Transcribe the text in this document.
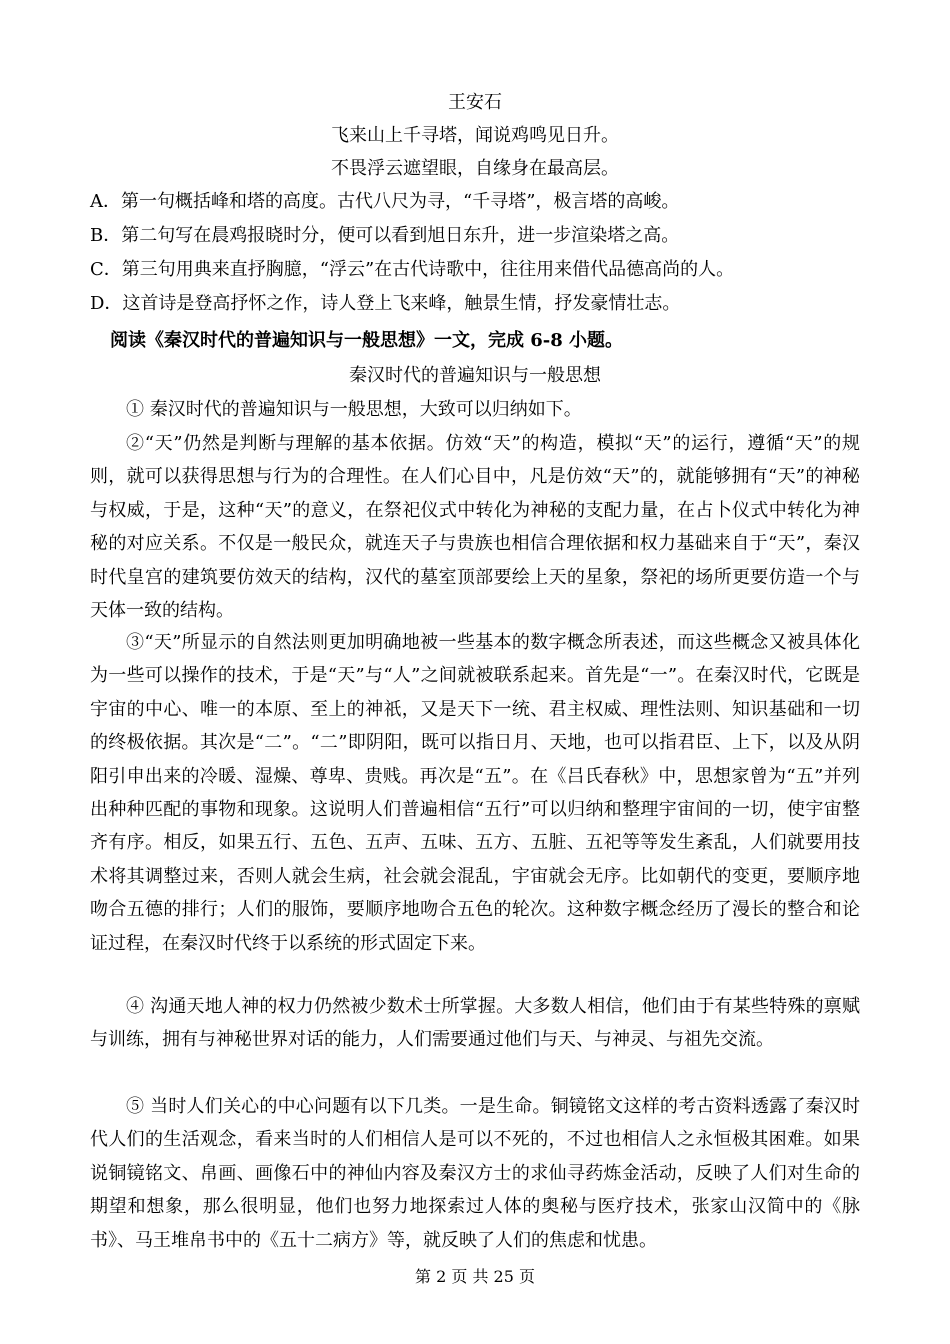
王安石
飞来山上千寻塔，闻说鸡鸣见日升。
不畏浮云遮望眼，自缘身在最高层。
A．第一句概括峰和塔的高度。古代八尺为寻，“千寻塔”，极言塔的高峻。
B．第二句写在晨鸡报晓时分，便可以看到旭日东升，进一步渲染塔之高。
C．第三句用典来直抒胸臆，“浮云”在古代诗歌中，往往用来借代品德高尚的人。
D．这首诗是登高抒怀之作，诗人登上飞来峰，触景生情，抒发豪情壮志。
阅读《秦汉时代的普遍知识与一般思想》一文，完成 6-8 小题。
秦汉时代的普遍知识与一般思想
① 秦汉时代的普遍知识与一般思想，大致可以归纳如下。
②“天”仍然是判断与理解的基本依据。仿效“天”的构造，模拟“天”的运行，遵循“天”的规则，就可以获得思想与行为的合理性。在人们心目中，凡是仿效“天”的，就能够拥有“天”的神秘与权威，于是，这种“天”的意义，在祭祀仪式中转化为神秘的支配力量，在占卜仪式中转化为神秘的对应关系。不仅是一般民众，就连天子与贵族也相信合理依据和权力基础来自于“天”，秦汉时代皇宫的建筑要仿效天的结构，汉代的墓室顶部要绘上天的星象，祭祀的场所更要仿造一个与天体一致的结构。
③“天”所显示的自然法则更加明确地被一些基本的数字概念所表述，而这些概念又被具体化为一些可以操作的技术，于是“天”与“人”之间就被联系起来。首先是“一”。在秦汉时代，它既是宇宙的中心、唯一的本原、至上的神祇，又是天下一统、君主权威、理性法则、知识基础和一切的终极依据。其次是“二”。“二”即阴阳，既可以指日月、天地，也可以指君臣、上下，以及从阴阳引申出来的冷暖、湿燥、尊卑、贵贱。再次是“五”。在《吕氏春秋》中，思想家曾为“五”并列出种种匹配的事物和现象。这说明人们普遍相信“五行”可以归纳和整理宇宙间的一切，使宇宙整齐有序。相反，如果五行、五色、五声、五味、五方、五脏、五祀等等发生紊乱，人们就要用技术将其调整过来，否则人就会生病，社会就会混乱，宇宙就会无序。比如朝代的变更，要顺序地吻合五德的排行；人们的服饰，要顺序地吻合五色的轮次。这种数字概念经历了漫长的整合和论证过程，在秦汉时代终于以系统的形式固定下来。
④ 沟通天地人神的权力仍然被少数术士所掌握。大多数人相信，他们由于有某些特殊的禀赋与训练，拥有与神秘世界对话的能力，人们需要通过他们与天、与神灵、与祖先交流。
⑤ 当时人们关心的中心问题有以下几类。一是生命。铜镜铭文这样的考古资料透露了秦汉时代人们的生活观念，看来当时的人们相信人是可以不死的，不过也相信人之永恒极其困难。如果说铜镜铭文、帛画、画像石中的神仙内容及秦汉方士的求仙寻药炼金活动，反映了人们对生命的期望和想象，那么很明显，他们也努力地探索过人体的奥秘与医疗技术，张家山汉简中的《脉书》、马王堆帛书中的《五十二病方》等，就反映了人们的焦虑和忧患。
第 2 页 共 25 页
